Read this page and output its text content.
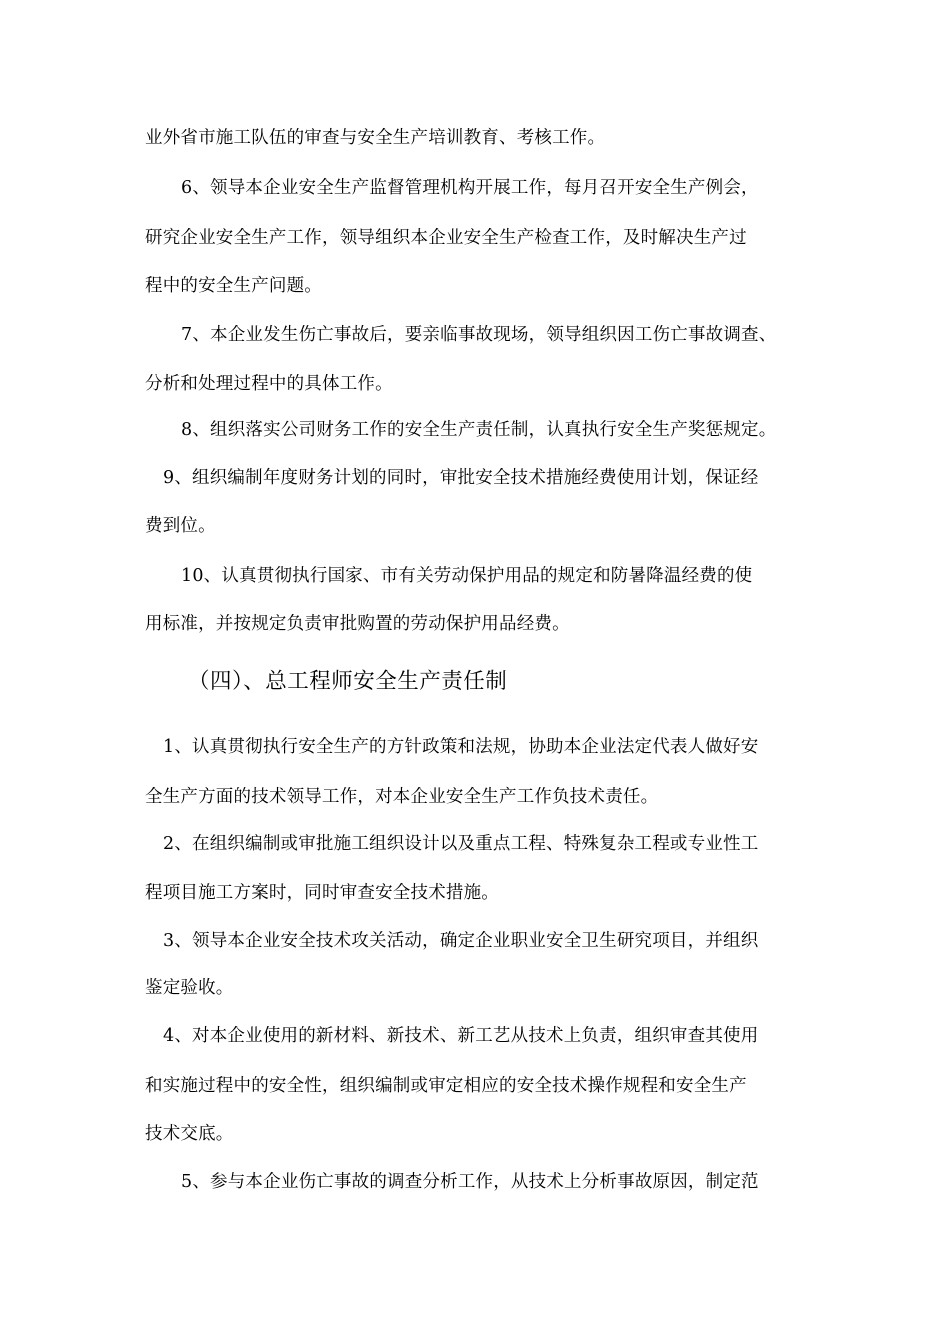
业外省市施工队伍的审查与安全生产培训教育、考核工作。
6、领导本企业安全生产监督管理机构开展工作，每月召开安全生产例会，
研究企业安全生产工作，领导组织本企业安全生产检查工作，及时解决生产过
程中的安全生产问题。
7、本企业发生伤亡事故后，要亲临事故现场，领导组织因工伤亡事故调查、
分析和处理过程中的具体工作。
8、组织落实公司财务工作的安全生产责任制，认真执行安全生产奖惩规定。
9、组织编制年度财务计划的同时，审批安全技术措施经费使用计划，保证经
费到位。
10、认真贯彻执行国家、市有关劳动保护用品的规定和防暑降温经费的使
用标准，并按规定负责审批购置的劳动保护用品经费。
（四）、总工程师安全生产责任制
1、认真贯彻执行安全生产的方针政策和法规，协助本企业法定代表人做好安
全生产方面的技术领导工作，对本企业安全生产工作负技术责任。
2、在组织编制或审批施工组织设计以及重点工程、特殊复杂工程或专业性工
程项目施工方案时，同时审查安全技术措施。
3、领导本企业安全技术攻关活动，确定企业职业安全卫生研究项目，并组织
鉴定验收。
4、对本企业使用的新材料、新技术、新工艺从技术上负责，组织审查其使用
和实施过程中的安全性，组织编制或审定相应的安全技术操作规程和安全生产
技术交底。
5、参与本企业伤亡事故的调查分析工作，从技术上分析事故原因，制定范
